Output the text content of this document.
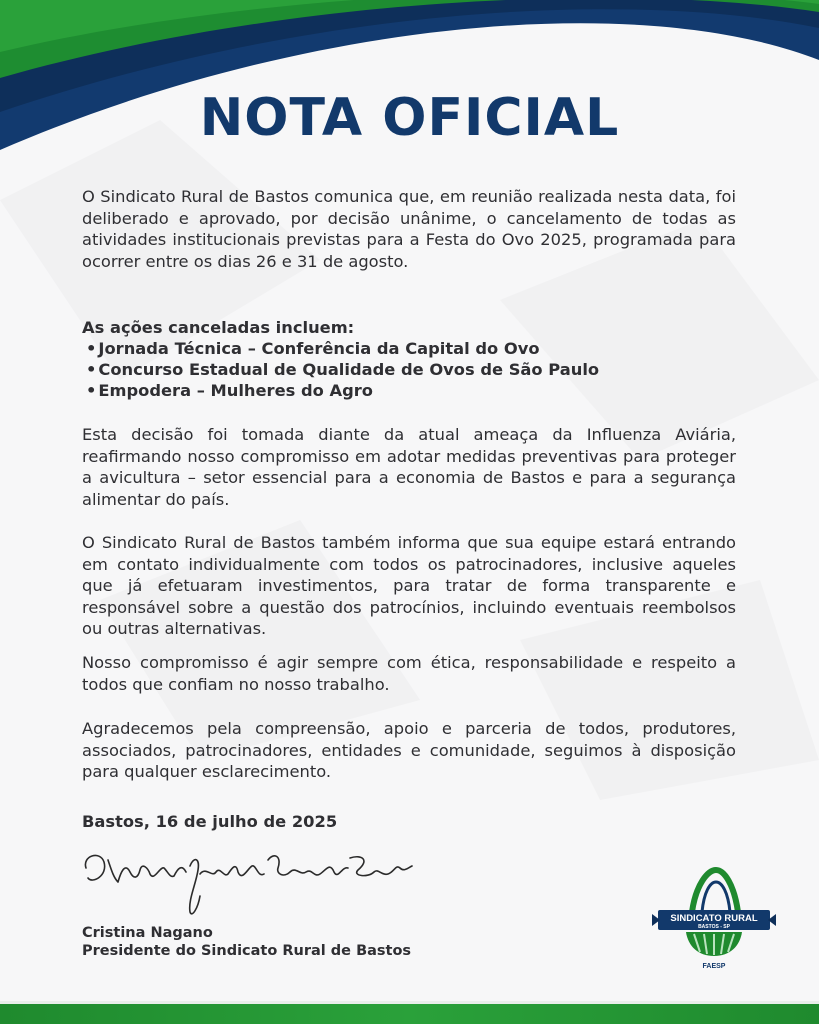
NOTA OFICIAL

O Sindicato Rural de Bastos comunica que, em reunião realizada nesta data, foi deliberado e aprovado, por decisão unânime, o cancelamento de todas as atividades institucionais previstas para a Festa do Ovo 2025, programada para ocorrer entre os dias 26 e 31 de agosto.

As ações canceladas incluem:
• Jornada Técnica – Conferência da Capital do Ovo
• Concurso Estadual de Qualidade de Ovos de São Paulo
• Empodera – Mulheres do Agro

Esta decisão foi tomada diante da atual ameaça da Influenza Aviária, reafirmando nosso compromisso em adotar medidas preventivas para proteger a avicultura – setor essencial para a economia de Bastos e para a segurança alimentar do país.

O Sindicato Rural de Bastos também informa que sua equipe estará entrando em contato individualmente com todos os patrocinadores, inclusive aqueles que já efetuaram investimentos, para tratar de forma transparente e responsável sobre a questão dos patrocínios, incluindo eventuais reembolsos ou outras alternativas.

Nosso compromisso é agir sempre com ética, responsabilidade e respeito a todos que confiam no nosso trabalho.

Agradecemos pela compreensão, apoio e parceria de todos, produtores, associados, patrocinadores, entidades e comunidade, seguimos à disposição para qualquer esclarecimento.

Bastos, 16 de julho de 2025
Cristina Nagano
Presidente do Sindicato Rural de Bastos
SINDICATO RURAL
BASTOS - SP
FAESP
